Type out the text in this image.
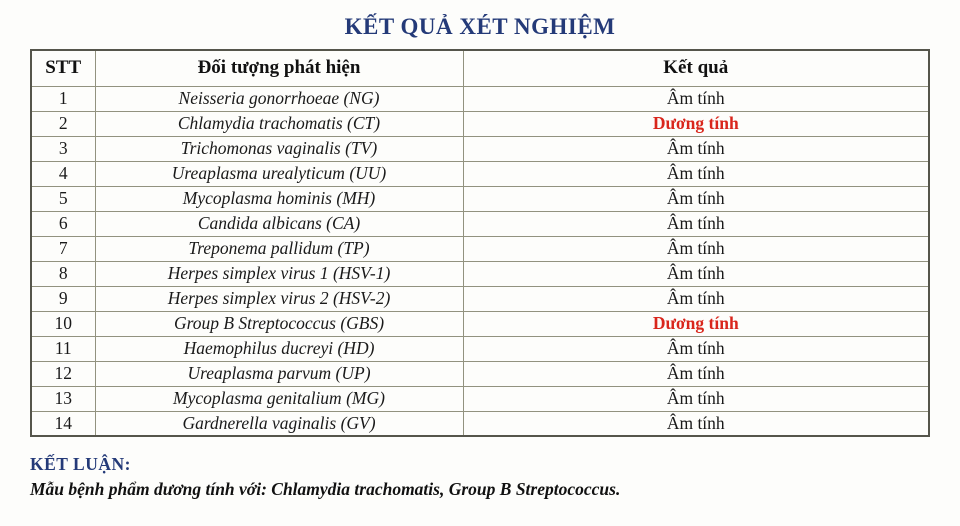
KẾT QUẢ XÉT NGHIỆM
STT	Đối tượng phát hiện	Kết quả
1	Neisseria gonorrhoeae (NG)	Âm tính
2	Chlamydia trachomatis (CT)	Dương tính
3	Trichomonas vaginalis (TV)	Âm tính
4	Ureaplasma urealyticum (UU)	Âm tính
5	Mycoplasma hominis (MH)	Âm tính
6	Candida albicans (CA)	Âm tính
7	Treponema pallidum (TP)	Âm tính
8	Herpes simplex virus 1 (HSV-1)	Âm tính
9	Herpes simplex virus 2 (HSV-2)	Âm tính
10	Group B Streptococcus (GBS)	Dương tính
11	Haemophilus ducreyi (HD)	Âm tính
12	Ureaplasma parvum (UP)	Âm tính
13	Mycoplasma genitalium (MG)	Âm tính
14	Gardnerella vaginalis (GV)	Âm tính
KẾT LUẬN:
Mẫu bệnh phẩm dương tính với: Chlamydia trachomatis, Group B Streptococcus.
